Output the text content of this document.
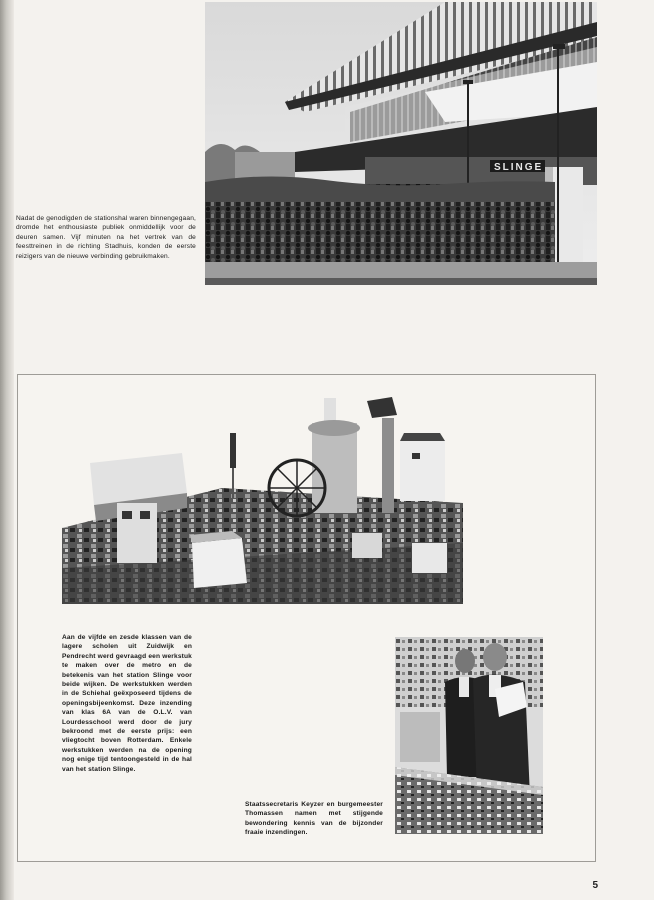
SLINGE

Nadat de genodigden de stationshal waren binnengegaan, dromde het enthousiaste publiek onmiddellijk voor de deuren samen. Vijf minuten na het vertrek van de feesttreinen in de richting Stadhuis, konden de eerste reizigers van de nieuwe verbinding gebruikmaken.

Aan de vijfde en zesde klassen van de lagere scholen uit Zuidwijk en Pendrecht werd gevraagd een werkstuk te maken over de metro en de betekenis van het station Slinge voor beide wijken. De werkstukken werden in de Schiehal geëxposeerd tijdens de openingsbijeenkomst. Deze inzending van klas 6A van de O.L.V. van Lourdesschool werd door de jury bekroond met de eerste prijs: een vliegtocht boven Rotterdam. Enkele werkstukken werden na de opening nog enige tijd tentoongesteld in de hal van het station Slinge.

Staatssecretaris Keyzer en burgemeester Thomassen namen met stijgende bewondering kennis van de bijzonder fraaie inzendingen.

5
